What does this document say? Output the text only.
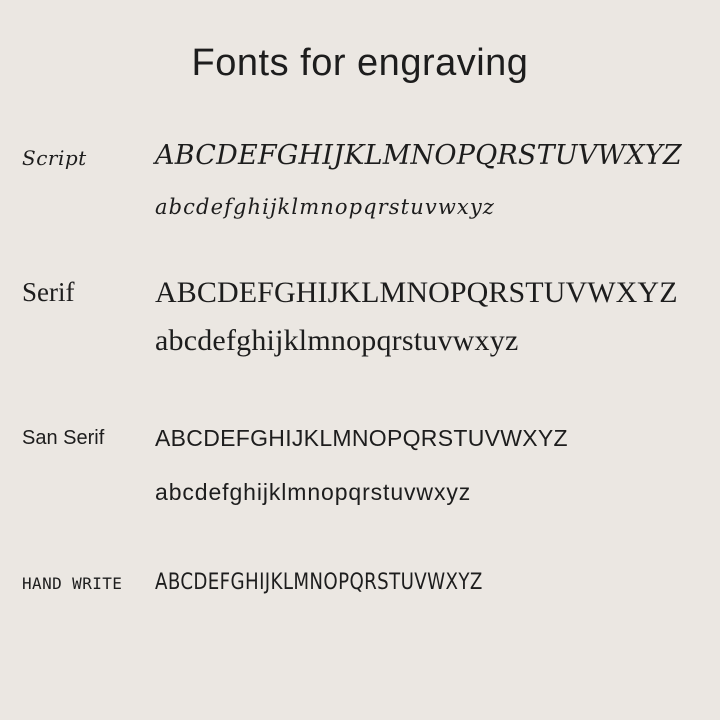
Fonts for engraving
Script	ABCDEFGHIJKLMNOPQRSTUVWXYZ
abcdefghijklmnopqrstuvwxyz
Serif	ABCDEFGHIJKLMNOPQRSTUVWXYZ
abcdefghijklmnopqrstuvwxyz
San Serif	ABCDEFGHIJKLMNOPQRSTUVWXYZ
abcdefghijklmnopqrstuvwxyz
HAND WRITE	ABCDEFGHIJKLMNOPQRSTUVWXYZ
